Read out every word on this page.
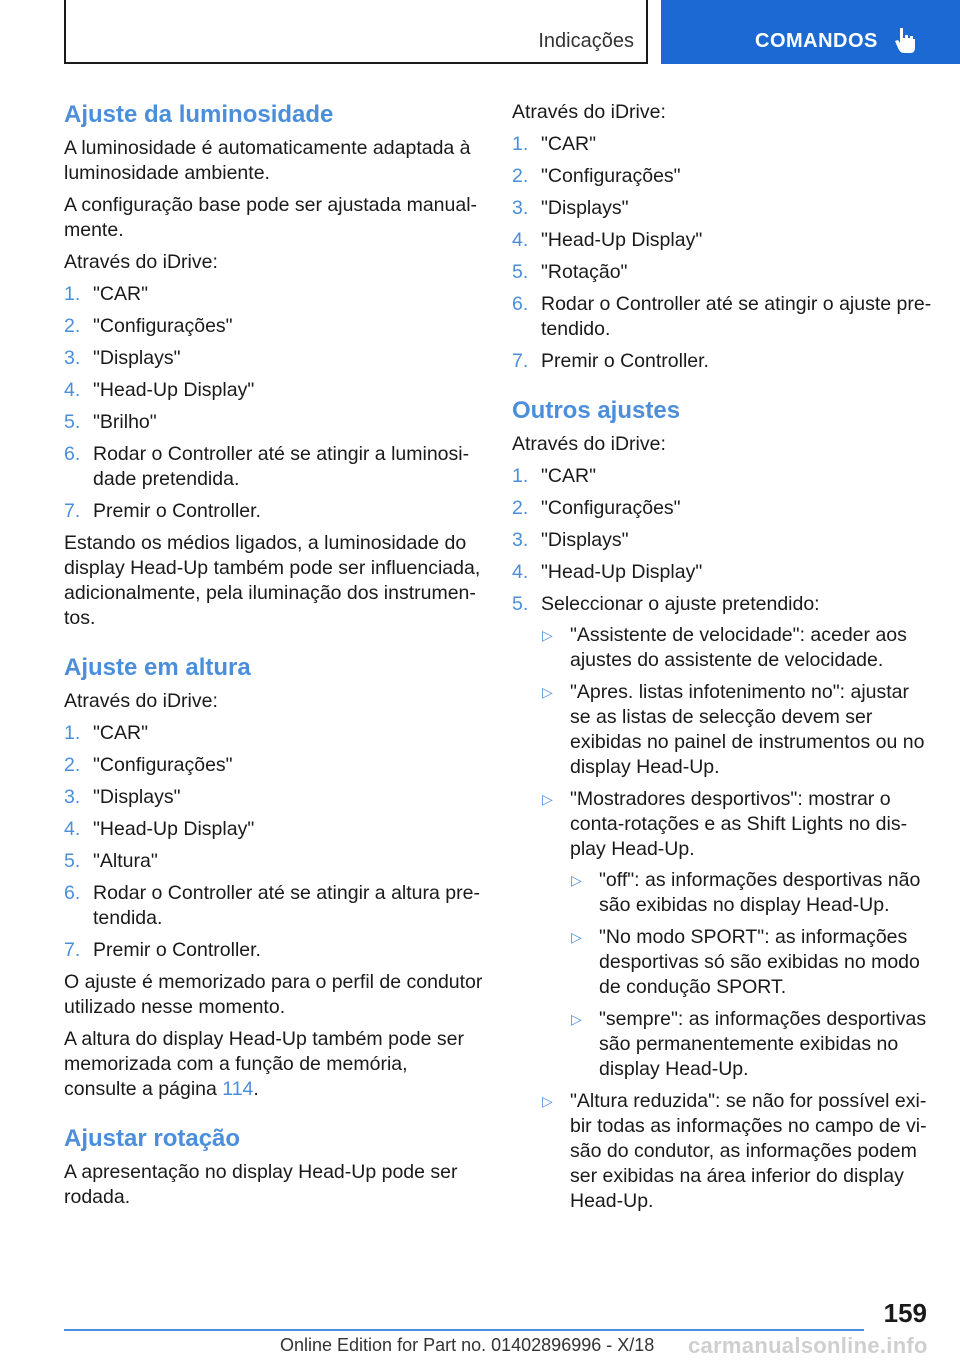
Indicações	COMANDOS
Ajuste da luminosidade

A luminosidade é automaticamente adaptada à luminosidade ambiente.

A configuração base pode ser ajustada manualmente.

Através do iDrive:

1. "CAR"
2. "Configurações"
3. "Displays"
4. "Head-Up Display"
5. "Brilho"
6. Rodar o Controller até se atingir a luminosidade pretendida.
7. Premir o Controller.

Estando os médios ligados, a luminosidade do display Head-Up também pode ser influenciada, adicionalmente, pela iluminação dos instrumentos.

Ajuste em altura

Através do iDrive:

1. "CAR"
2. "Configurações"
3. "Displays"
4. "Head-Up Display"
5. "Altura"
6. Rodar o Controller até se atingir a altura pretendida.
7. Premir o Controller.

O ajuste é memorizado para o perfil de condutor utilizado nesse momento.

A altura do display Head-Up também pode ser memorizada com a função de memória, consulte a página 114.

Ajustar rotação

A apresentação no display Head-Up pode ser rodada.

Através do iDrive:

1. "CAR"
2. "Configurações"
3. "Displays"
4. "Head-Up Display"
5. "Rotação"
6. Rodar o Controller até se atingir o ajuste pretendido.
7. Premir o Controller.
Outros ajustes

Através do iDrive:

1. "CAR"
2. "Configurações"
3. "Displays"
4. "Head-Up Display"
5. Seleccionar o ajuste pretendido:
▷ "Assistente de velocidade": aceder aos ajustes do assistente de velocidade.
▷ "Apres. listas infotenimento no": ajustar se as listas de selecção devem ser exibidas no painel de instrumentos ou no display Head-Up.
▷ "Mostradores desportivos": mostrar o conta-rotações e as Shift Lights no display Head-Up.
▷ "off": as informações desportivas não são exibidas no display Head-Up.
▷ "No modo SPORT": as informações desportivas só são exibidas no modo de condução SPORT.
▷ "sempre": as informações desportivas são permanentemente exibidas no display Head-Up.
▷ "Altura reduzida": se não for possível exibir todas as informações no campo de visão do condutor, as informações podem ser exibidas na área inferior do display Head-Up.
159
Online Edition for Part no. 01402896996 - X/18 carmanualsonline.info
